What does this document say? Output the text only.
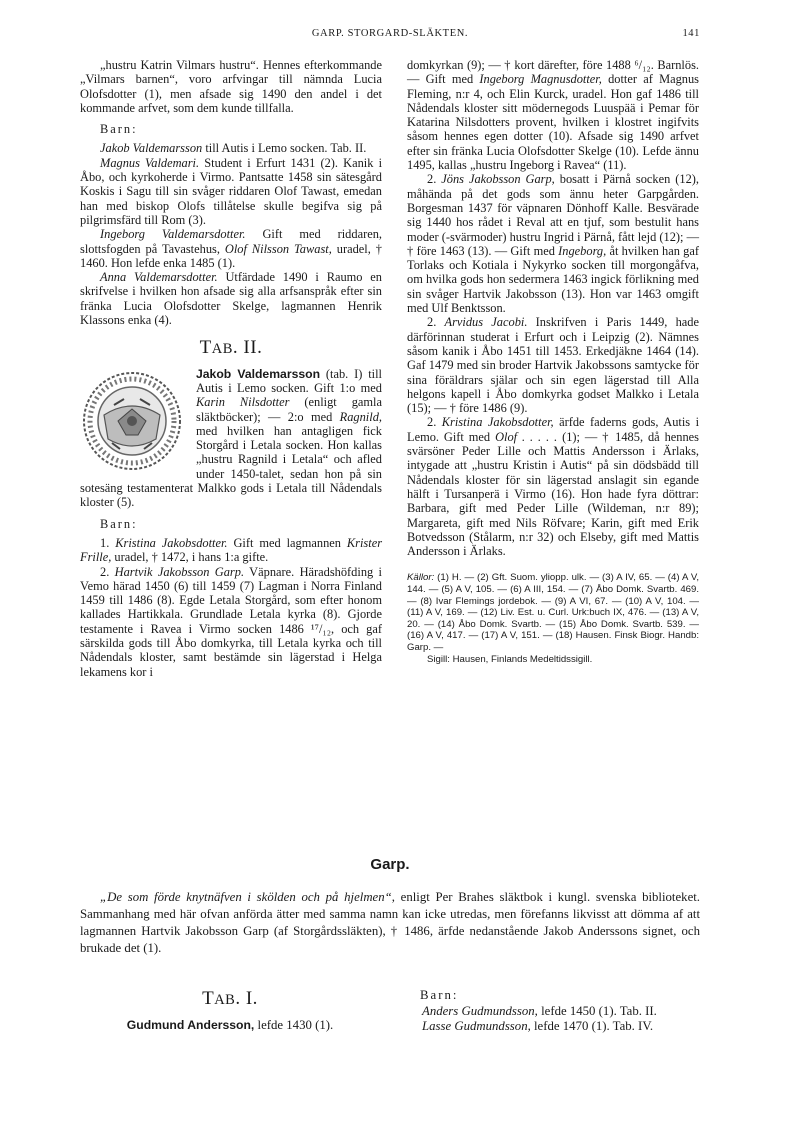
GARP. STORGARD-SLÄKTEN.	141

„hustru Katrin Vilmars hustru“. Hennes efterkommande „Vilmars barnen“, voro arfvingar till nämnda Lucia Olofsdotter (1), men afsade sig 1490 den andel i det kommande arfvet, som dem kunde tillfalla.

Barn:

Jakob Valdemarsson till Autis i Lemo socken. Tab. II.

Magnus Valdemari. Student i Erfurt 1431 (2). Kanik i Åbo, och kyrkoherde i Virmo. Pantsatte 1458 sin sätesgård Koskis i Sagu till sin svåger riddaren Olof Tawast, emedan han med biskop Olofs tillåtelse skulle begifva sig på pilgrimsfärd till Rom (3).

Ingeborg Valdemarsdotter. Gift med riddaren, slottsfogden på Tavastehus, Olof Nilsson Tawast, uradel, † 1460. Hon lefde enka 1485 (1).

Anna Valdemarsdotter. Utfärdade 1490 i Raumo en skrifvelse i hvilken hon afsade sig alla arfsanspråk efter sin fränka Lucia Olofsdotter Skelge, lagmannen Henrik Klassons enka (4).

TAB. II.

Jakob Valdemarsson (tab. I) till Autis i Lemo socken. Gift 1:o med Karin Nilsdotter (enligt gamla släktböcker); — 2:o med Ragnild, med hvilken han antagligen fick Storgård i Letala socken. Hon kallas „hustru Ragnild i Letala“ och afled under 1450-talet, sedan hon på sin sotesäng testamenterat Malkko gods i Letala till Nådendals kloster (5).

Barn:

1. Kristina Jakobsdotter. Gift med lagmannen Krister Frille, uradel, † 1472, i hans 1:a gifte.

2. Hartvik Jakobsson Garp. Väpnare. Häradshöfding i Vemo härad 1450 (6) till 1459 (7) Lagman i Norra Finland 1459 till 1486 (8). Egde Letala Storgård, som efter honom kallades Hartikkala. Grundlade Letala kyrka (8). Gjorde testamente i Ravea i Virmo socken 1486 ¹⁷/₁₂, och gaf särskilda gods till Åbo domkyrka, till Letala kyrka och till Nådendals kloster, samt bestämde sin lägerstad i Helga lekamens kor i

domkyrkan (9); — † kort därefter, före 1488 ⁶/₁₂. Barnlös. — Gift med Ingeborg Magnusdotter, dotter af Magnus Fleming, n:r 4, och Elin Kurck, uradel. Hon gaf 1486 till Nådendals kloster sitt mödernegods Luuspää i Pemar för Katarina Nilsdotters provent, hvilken i klostret ingifvits såsom hennes egen dotter (10). Afsade sig 1490 arfvet efter sin fränka Lucia Olofsdotter Skelge (10). Lefde ännu 1495, kallas „hustru Ingeborg i Ravea“ (11).

2. Jöns Jakobsson Garp, bosatt i Pärnå socken (12), måhända på det gods som ännu heter Garpgården. Borgesman 1437 för väpnaren Dönhoff Kalle. Besvärade sig 1440 hos rådet i Reval att en tjuf, som bestulit hans moder (-svärmoder) hustru Ingrid i Pärnå, fått lejd (12); — † före 1463 (13). — Gift med Ingeborg, åt hvilken han gaf Torlaks och Kotiala i Nykyrko socken till morgongåfva, om hvilka gods hon sedermera 1463 ingick förlikning med sin svåger Hartvik Jakobsson (13). Hon var 1463 omgift med Ulf Benktsson.

2. Arvidus Jacobi. Inskrifven i Paris 1449, hade därförinnan studerat i Erfurt och i Leipzig (2). Nämnes såsom kanik i Åbo 1451 till 1453. Erkedjäkne 1464 (14). Gaf 1479 med sin broder Hartvik Jakobssons samtycke för sina föräldrars själar och sin egen lägerstad till Alla helgons kapell i Åbo domkyrka godset Malkko i Letala (15); — † före 1486 (9).

2. Kristina Jakobsdotter, ärfde faderns gods, Autis i Lemo. Gift med Olof . . . . . (1); — † 1485, då hennes svärsöner Peder Lille och Mattis Andersson i Ärlaks, intygade att „hustru Kristin i Autis“ på sin dödsbädd till Nådendals kloster för sin lägerstad anslagit sin egande hälft i Tursanperä i Virmo (16). Hon hade fyra döttrar: Barbara, gift med Peder Lille (Wildeman, n:r 89); Margareta, gift med Nils Röfvare; Karin, gift med Erik Botvedsson (Stålarm, n:r 32) och Elseby, gift med Mattis Andersson i Ärlaks.

Källor: (1) H. — (2) Gft. Suom. yliopp. ulk. — (3) A IV, 65. — (4) A V, 144. — (5) A V, 105. — (6) A III, 154. — (7) Åbo Domk. Svartb. 469. — (8) Ivar Flemings jordebok. — (9) A VI, 67. — (10) A V, 104. — (11) A V, 169. — (12) Liv. Est. u. Curl. Urk:buch IX, 476. — (13) A V, 20. — (14) Åbo Domk. Svartb. — (15) Åbo Domk. Svartb. 539. — (16) A V, 417. — (17) A V, 151. — (18) Hausen. Finsk Biogr. Handb: Garp. —

Sigill: Hausen, Finlands Medeltidssigill.

Garp.

„De som förde knytnäfven i skölden och på hjelmen“, enligt Per Brahes släktbok i kungl. svenska biblioteket. Sammanhang med här ofvan anförda ätter med samma namn kan icke utredas, men förefanns likvisst att dömma af att lagmannen Hartvik Jakobsson Garp (af Storgårdssläkten), † 1486, ärfde nedanstående Jakob Anderssons signet, och brukade det (1).

TAB. I.
Gudmund Andersson, lefde 1430 (1).
Barn:
Anders Gudmundsson, lefde 1450 (1). Tab. II.
Lasse Gudmundsson, lefde 1470 (1). Tab. IV.
